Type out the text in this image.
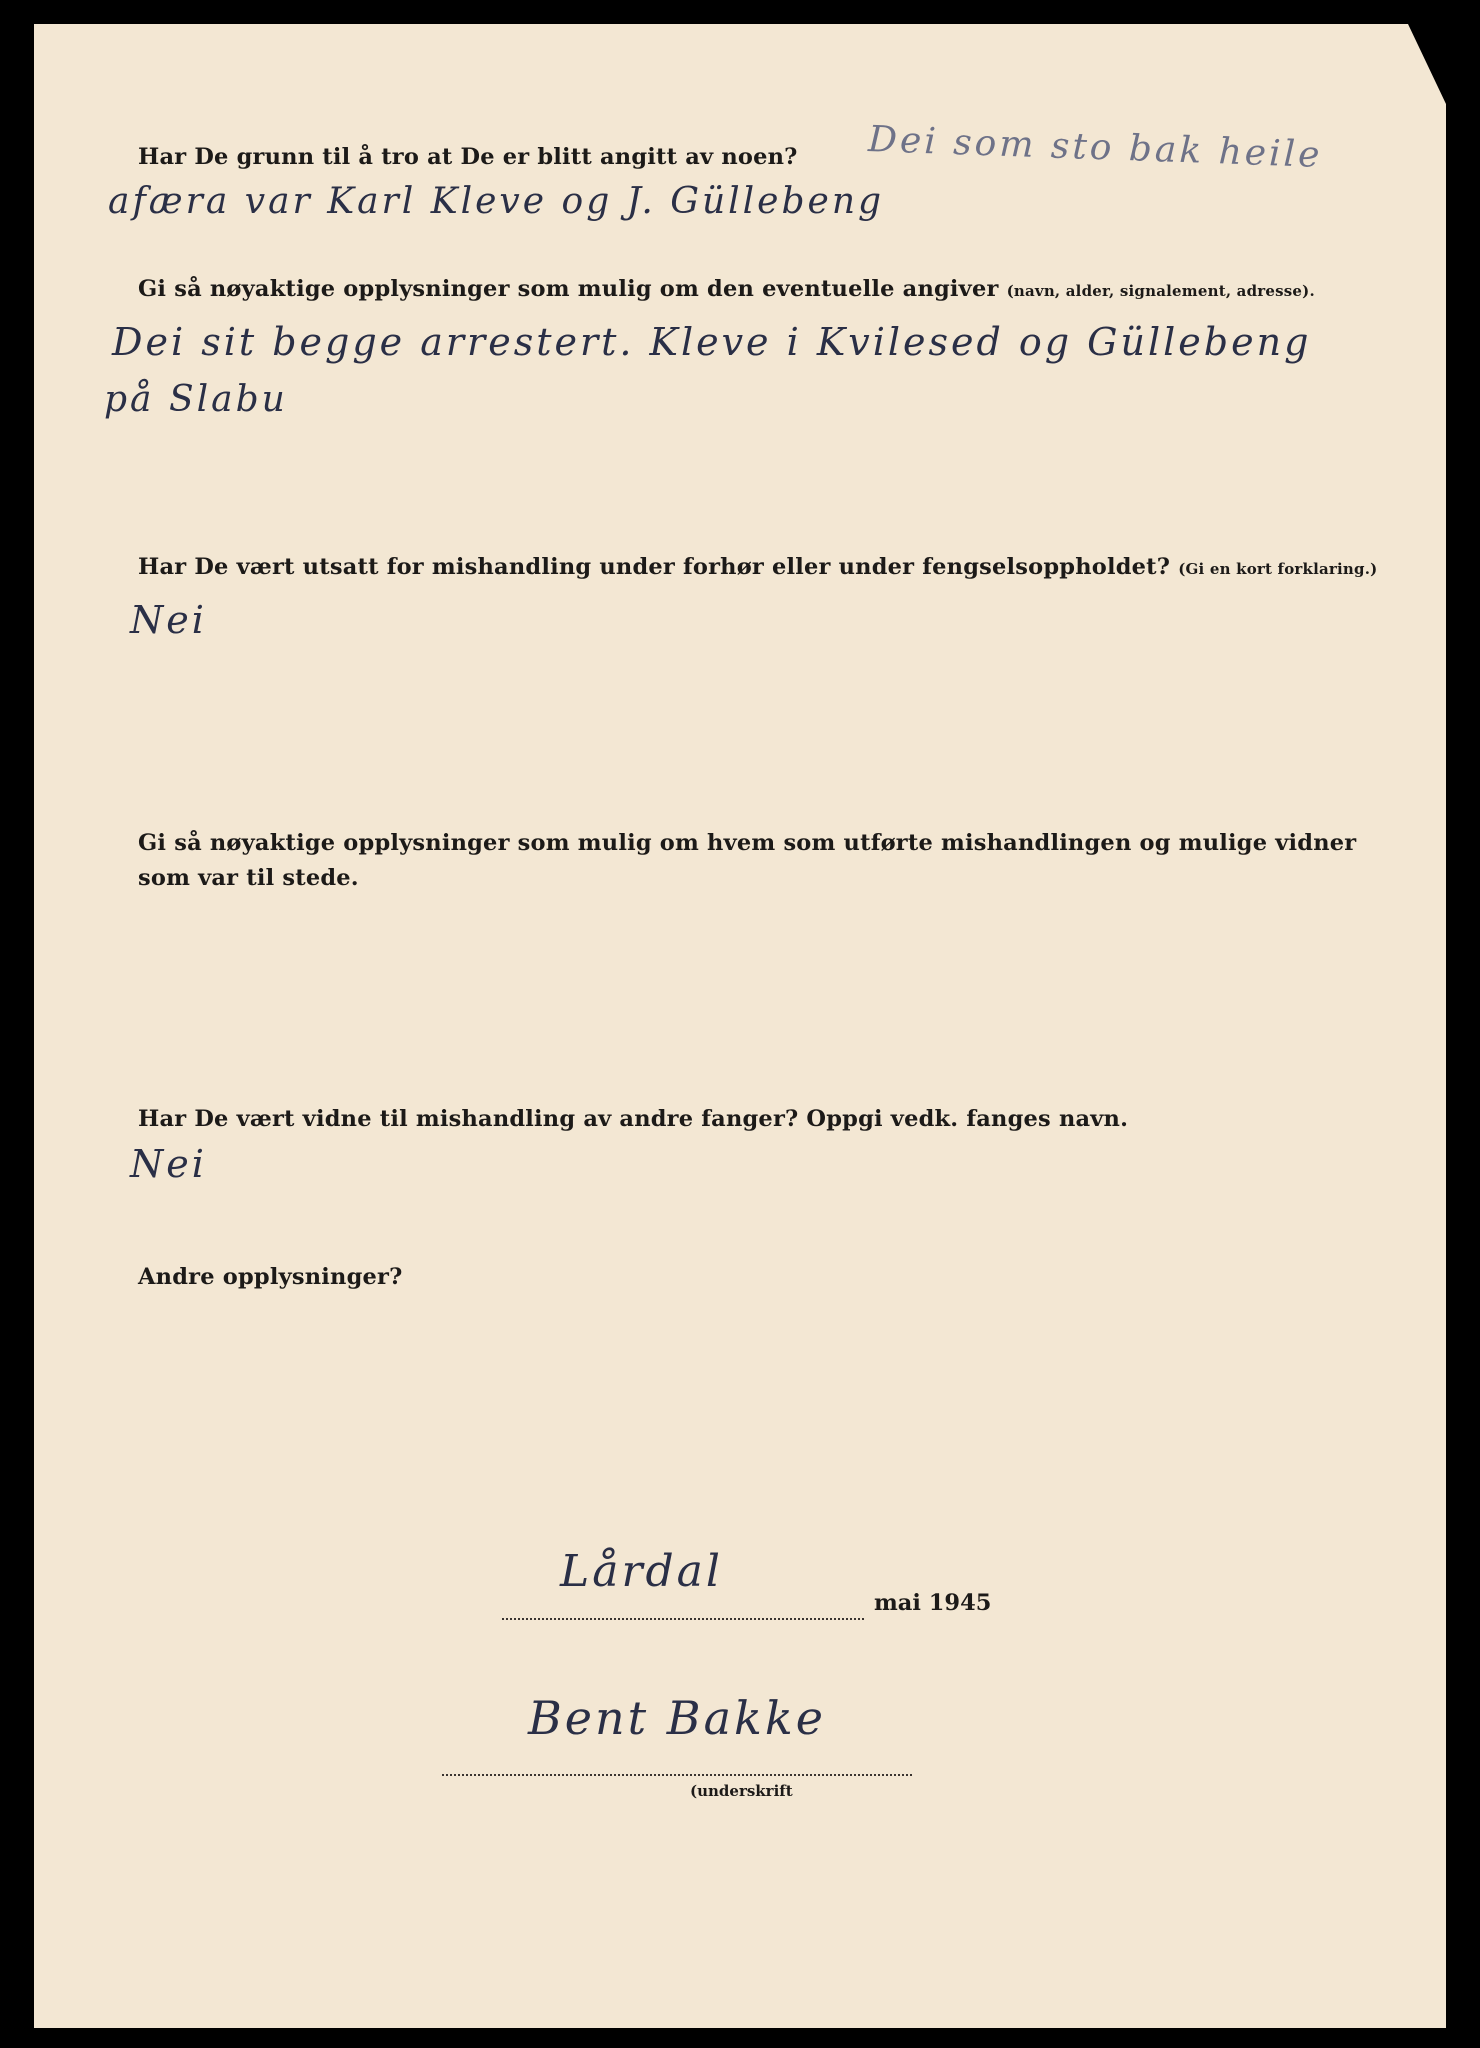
Har De grunn til å tro at De er blitt angitt av noen? Dei som sto bak heile
afæra var Karl Kleve og J. Güllebeng
Gi så nøyaktige opplysninger som mulig om den eventuelle angiver (navn, alder, signalement, adresse).
Dei sit begge arrestert. Kleve i Kvilesed og Güllebeng
på Slabu
Har De vært utsatt for mishandling under forhør eller under fengselsoppholdet? (Gi en kort forklaring.)
Nei
Gi så nøyaktige opplysninger som mulig om hvem som utførte mishandlingen og mulige vidner
som var til stede.
Har De vært vidne til mishandling av andre fanger? Oppgi vedk. fanges navn.
Nei
Andre opplysninger?
Lårdal
mai 1945
Bent Bakke
(underskrift
